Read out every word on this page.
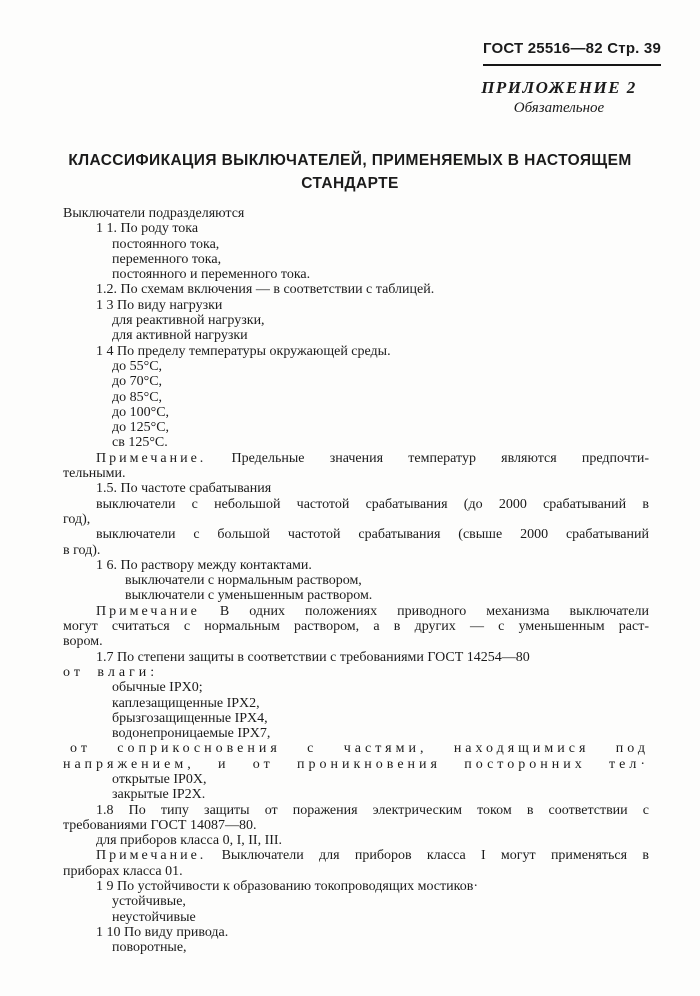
ГОСТ 25516—82 Стр. 39
ПРИЛОЖЕНИЕ 2
Обязательное
КЛАССИФИКАЦИЯ ВЫКЛЮЧАТЕЛЕЙ, ПРИМЕНЯЕМЫХ В НАСТОЯЩЕМ
СТАНДАРТЕ
Выключатели подразделяются
1 1. По роду тока
постоянного тока,
переменного тока,
постоянного и переменного тока.
1.2. По схемам включения — в соответствии с таблицей.
1 3 По виду нагрузки
для реактивной нагрузки,
для активной нагрузки
1 4 По пределу температуры окружающей среды.
до 55°С,
до 70°С,
до 85°С,
до 100°С,
до 125°С,
св 125°С.
Примечание. Предельные значения температур являются предпочти-
тельными.
1.5. По частоте срабатывания
выключатели с небольшой частотой срабатывания (до 2000 срабатываний в
год),
выключатели с большой частотой срабатывания (свыше 2000 срабатываний
в год).
1 6. По раствору между контактами.
выключатели с нормальным раствором,
выключатели с уменьшенным раствором.
Примечание В одних положениях приводного механизма выключатели
могут считаться с нормальным раствором, а в других — с уменьшенным раст-
вором.
1.7 По степени защиты в соответствии с требованиями ГОСТ 14254—80
от влаги:
обычные IPX0;
каплезащищенные IPX2,
брызгозащищенные IPX4,
водонепроницаемые IPX7,
от соприкосновения с частями, находящимися под
напряжением, и от проникновения посторонних тел·
открытые IP0X,
закрытые IP2X.
1.8 По типу защиты от поражения электрическим током в соответствии с
требованиями ГОСТ 14087—80.
для приборов класса 0, I, II, III.
Примечание. Выключатели для приборов класса I могут применяться в
приборах класса 01.
1 9 По устойчивости к образованию токопроводящих мостиков·
устойчивые,
неустойчивые
1 10 По виду привода.
поворотные,
